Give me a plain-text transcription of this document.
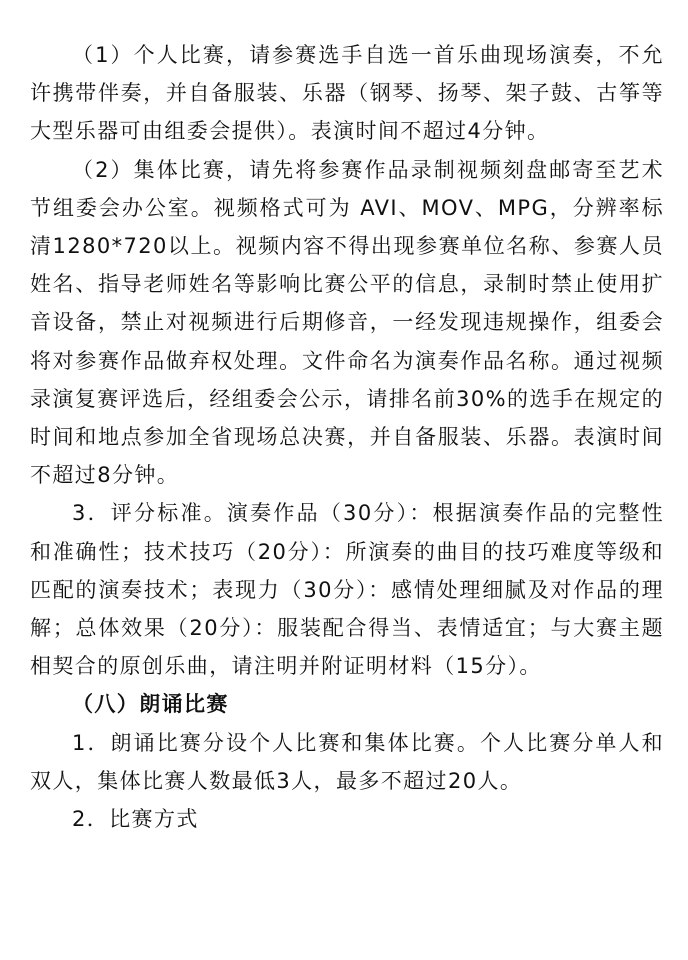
（1）个人比赛，请参赛选手自选一首乐曲现场演奏，不允许携带伴奏，并自备服装、乐器（钢琴、扬琴、架子鼓、古筝等大型乐器可由组委会提供）。表演时间不超过4分钟。

（2）集体比赛，请先将参赛作品录制视频刻盘邮寄至艺术节组委会办公室。视频格式可为 AVI、MOV、MPG，分辨率标清1280*720以上。视频内容不得出现参赛单位名称、参赛人员姓名、指导老师姓名等影响比赛公平的信息，录制时禁止使用扩音设备，禁止对视频进行后期修音，一经发现违规操作，组委会将对参赛作品做弃权处理。文件命名为演奏作品名称。通过视频录演复赛评选后，经组委会公示，请排名前30%的选手在规定的时间和地点参加全省现场总决赛，并自备服装、乐器。表演时间不超过8分钟。

3．评分标准。演奏作品（30分）：根据演奏作品的完整性和准确性；技术技巧（20分）：所演奏的曲目的技巧难度等级和匹配的演奏技术；表现力（30分）：感情处理细腻及对作品的理解；总体效果（20分）：服装配合得当、表情适宜；与大赛主题相契合的原创乐曲，请注明并附证明材料（15分）。

（八）朗诵比赛

1．朗诵比赛分设个人比赛和集体比赛。个人比赛分单人和双人，集体比赛人数最低3人，最多不超过20人。

2．比赛方式
